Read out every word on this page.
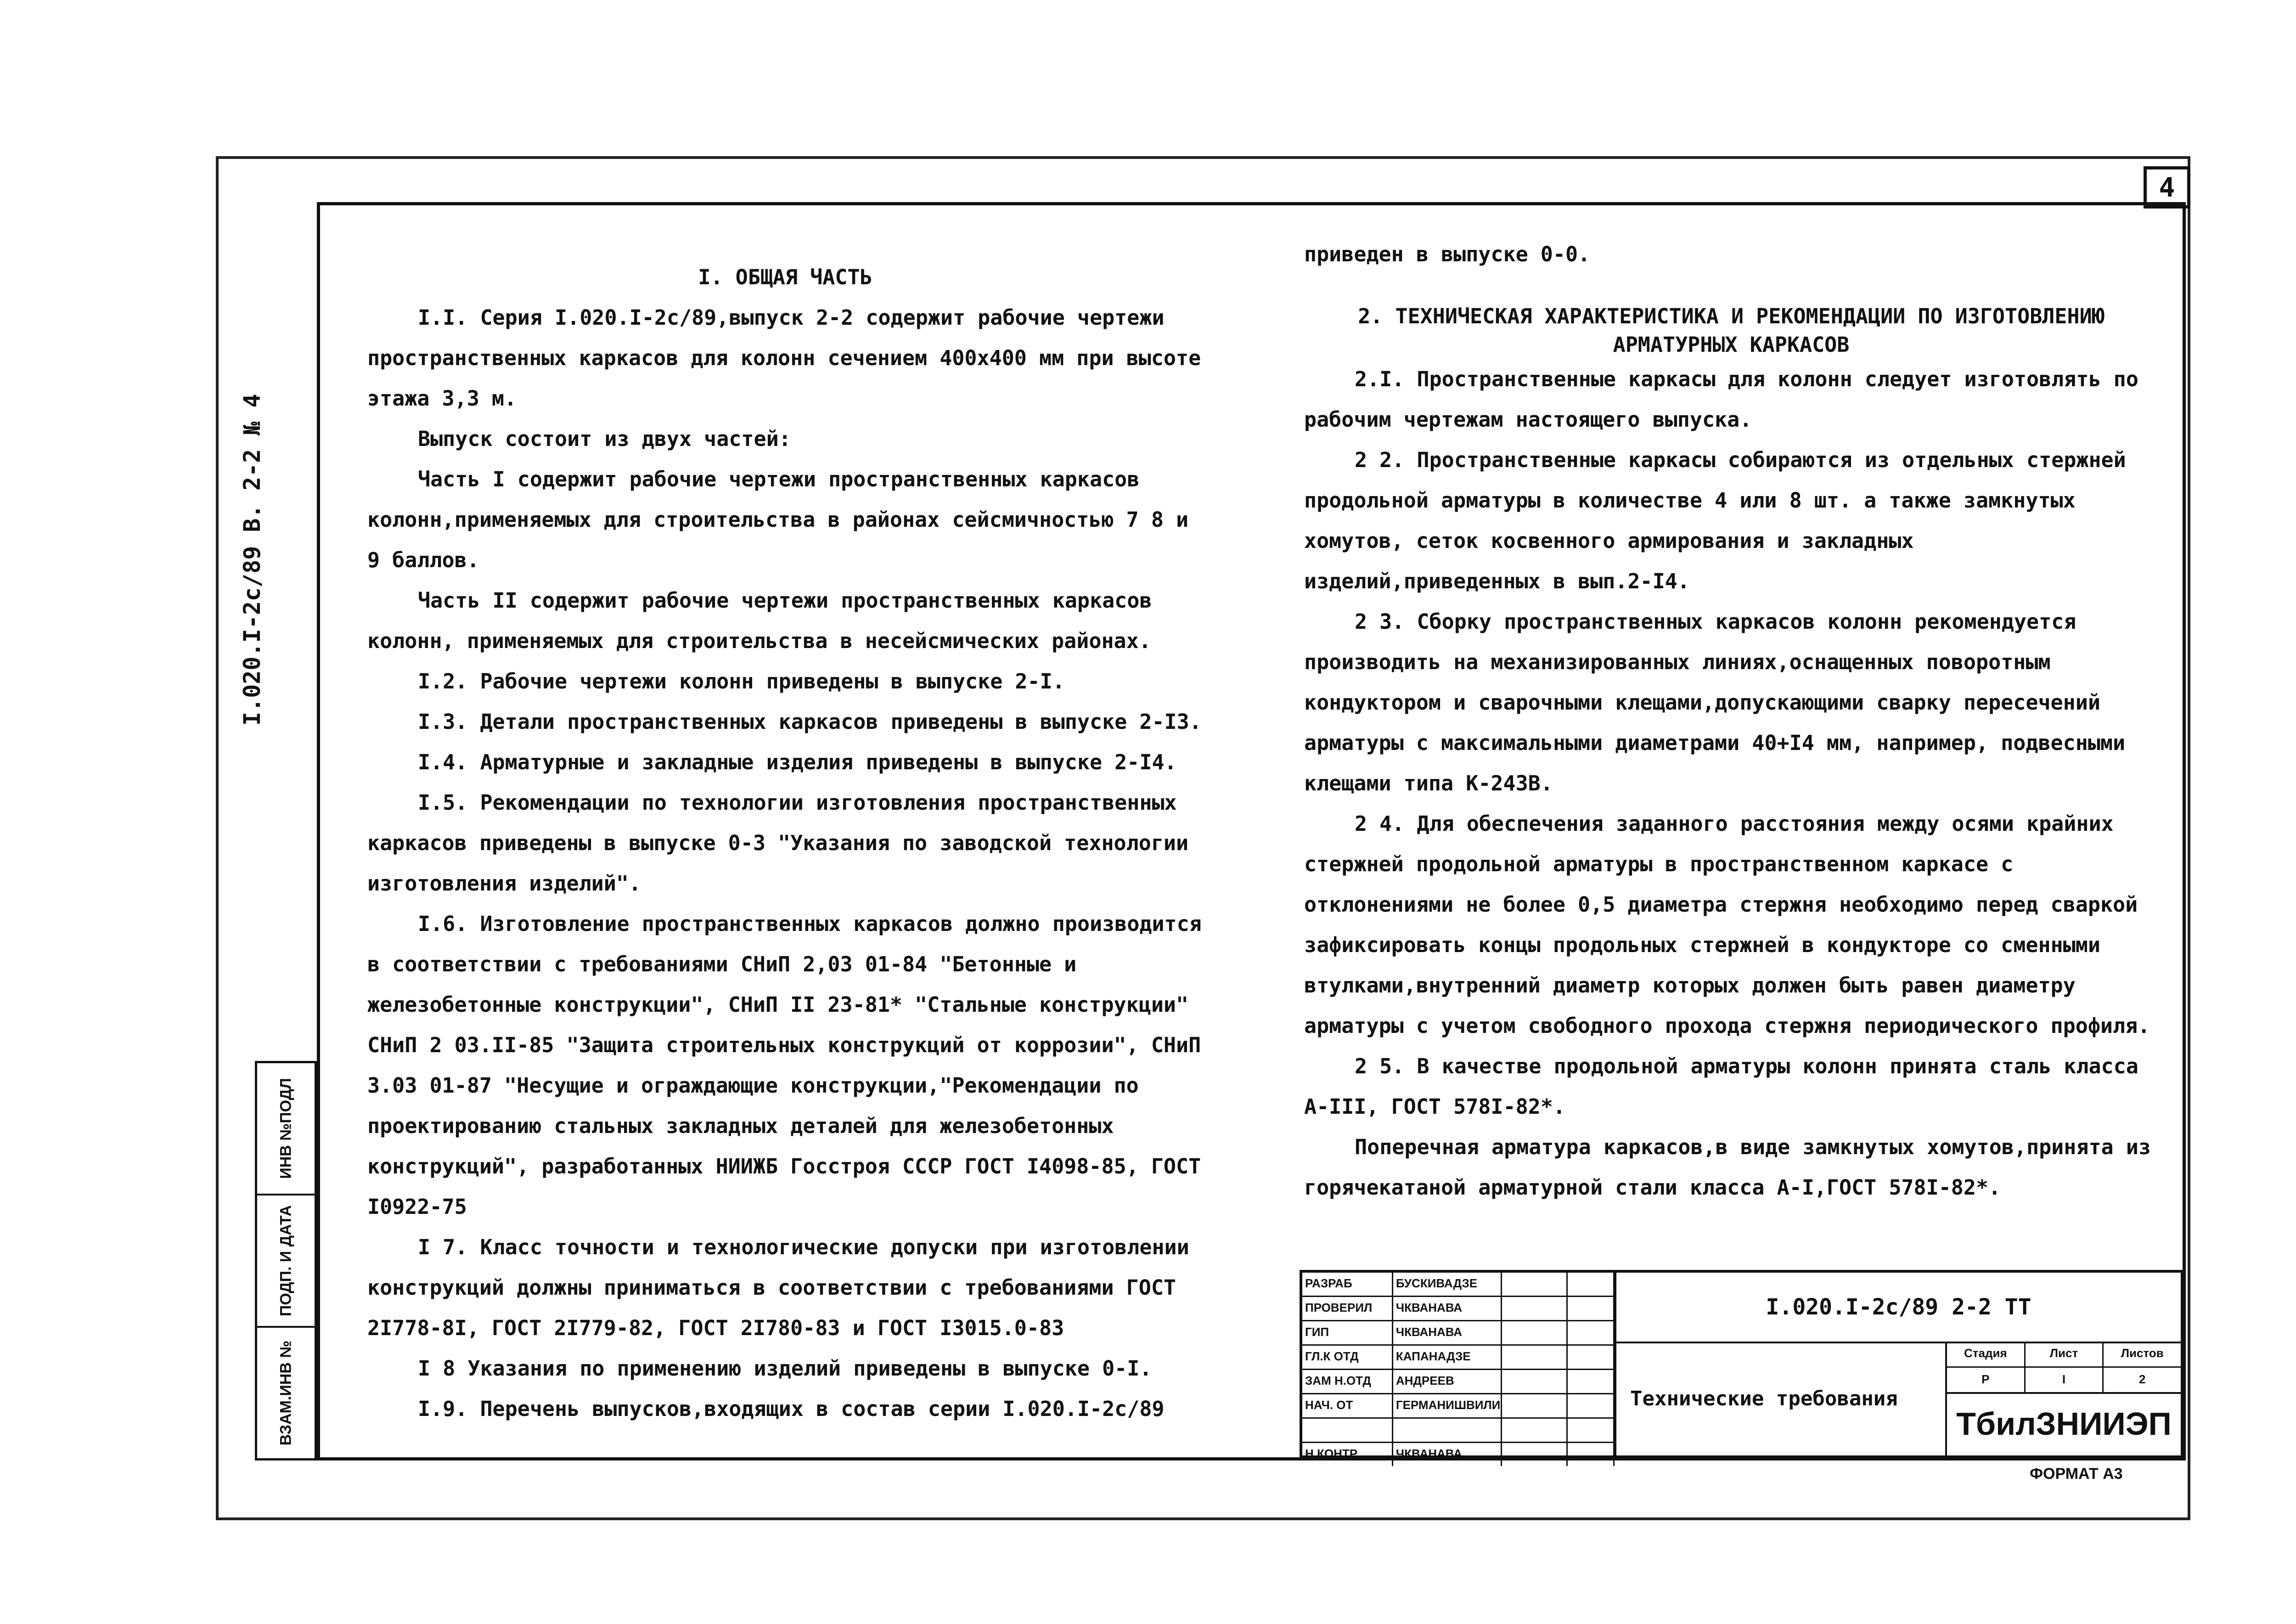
4
I.020.I-2c/89 В. 2-2 № 4
ИНВ №ПОДЛ
ПОДП. И ДАТА
ВЗАМ.ИНВ №

I. ОБЩАЯ ЧАСТЬ

I.I. Серия I.020.I-2с/89,выпуск 2-2 содержит рабочие чертежи пространственных каркасов для колонн сечением 400х400 мм при высоте этажа 3,3 м.

Выпуск состоит из двух частей:

Часть I содержит рабочие чертежи пространственных каркасов колонн,применяемых для строительства в районах сейсмичностью 7 8 и 9 баллов.

Часть II содержит рабочие чертежи пространственных каркасов колонн, применяемых для строительства в несейсмических районах.

I.2. Рабочие чертежи колонн приведены в выпуске 2-I.

I.3. Детали пространственных каркасов приведены в выпуске 2-I3.

I.4. Арматурные и закладные изделия приведены в выпуске 2-I4.

I.5. Рекомендации по технологии изготовления пространственных каркасов приведены в выпуске 0-3 "Указания по заводской технологии изготовления изделий".

I.6. Изготовление пространственных каркасов должно производится в соответствии с требованиями СНиП 2,03 01-84 "Бетонные и железобетонные конструкции", СНиП II 23-81* "Стальные конструкции" СНиП 2 03.II-85 "Защита строительных конструкций от коррозии", СНиП 3.03 01-87 "Несущие и ограждающие конструкции,"Рекомендации по проектированию стальных закладных деталей для железобетонных конструкций", разработанных НИИЖБ Госстроя СССР ГОСТ I4098-85, ГОСТ I0922-75

I 7. Класс точности и технологические допуски при изготовлении конструкций должны приниматься в соответствии с требованиями ГОСТ 2I778-8I, ГОСТ 2I779-82, ГОСТ 2I780-83 и ГОСТ I3015.0-83

I 8 Указания по применению изделий приведены в выпуске 0-I.

I.9. Перечень выпусков,входящих в состав серии I.020.I-2с/89

приведен в выпуске 0-0.

2. ТЕХНИЧЕСКАЯ ХАРАКТЕРИСТИКА И РЕКОМЕНДАЦИИ ПО ИЗГОТОВЛЕНИЮ АРМАТУРНЫХ КАРКАСОВ

2.I. Пространственные каркасы для колонн следует изготовлять по рабочим чертежам настоящего выпуска.

2 2. Пространственные каркасы собираются из отдельных стержней продольной арматуры в количестве 4 или 8 шт. а также замкнутых хомутов, сеток косвенного армирования и закладных изделий,приведенных в вып.2-I4.

2 3. Сборку пространственных каркасов колонн рекомендуется производить на механизированных линиях,оснащенных поворотным кондуктором и сварочными клещами,допускающими сварку пересечений арматуры с максимальными диаметрами 40+I4 мм, например, подвесными клещами типа К-243В.

2 4. Для обеспечения заданного расстояния между осями крайних стержней продольной арматуры в пространственном каркасе с отклонениями не более 0,5 диаметра стержня необходимо перед сваркой зафиксировать концы продольных стержней в кондукторе со сменными втулками,внутренний диаметр которых должен быть равен диаметру арматуры с учетом свободного прохода стержня периодического профиля.

2 5. В качестве продольной арматуры колонн принята сталь класса А-III, ГОСТ 578I-82*.

Поперечная арматура каркасов,в виде замкнутых хомутов,принята из горячекатаной арматурной стали класса А-I,ГОСТ 578I-82*.

РАЗРАБ	БУСКИВАДЗЕ
ПРОВЕРИЛ	ЧКВАНАВА
ГИП	ЧКВАНАВА
ГЛ.К ОТД	КАПАНАДЗЕ
ЗАМ Н.ОТД	АНДРЕЕВ
НАЧ. ОТ	ГЕРМАНИШВИЛИ
Н.КОНТР	ЧКВАНАВА
I.020.I-2с/89 2-2 ТТ
Технические требования
Стадия	Лист	Листов
Р	I	2
ТбилЗНИИЭП
ФОРМАТ А3
